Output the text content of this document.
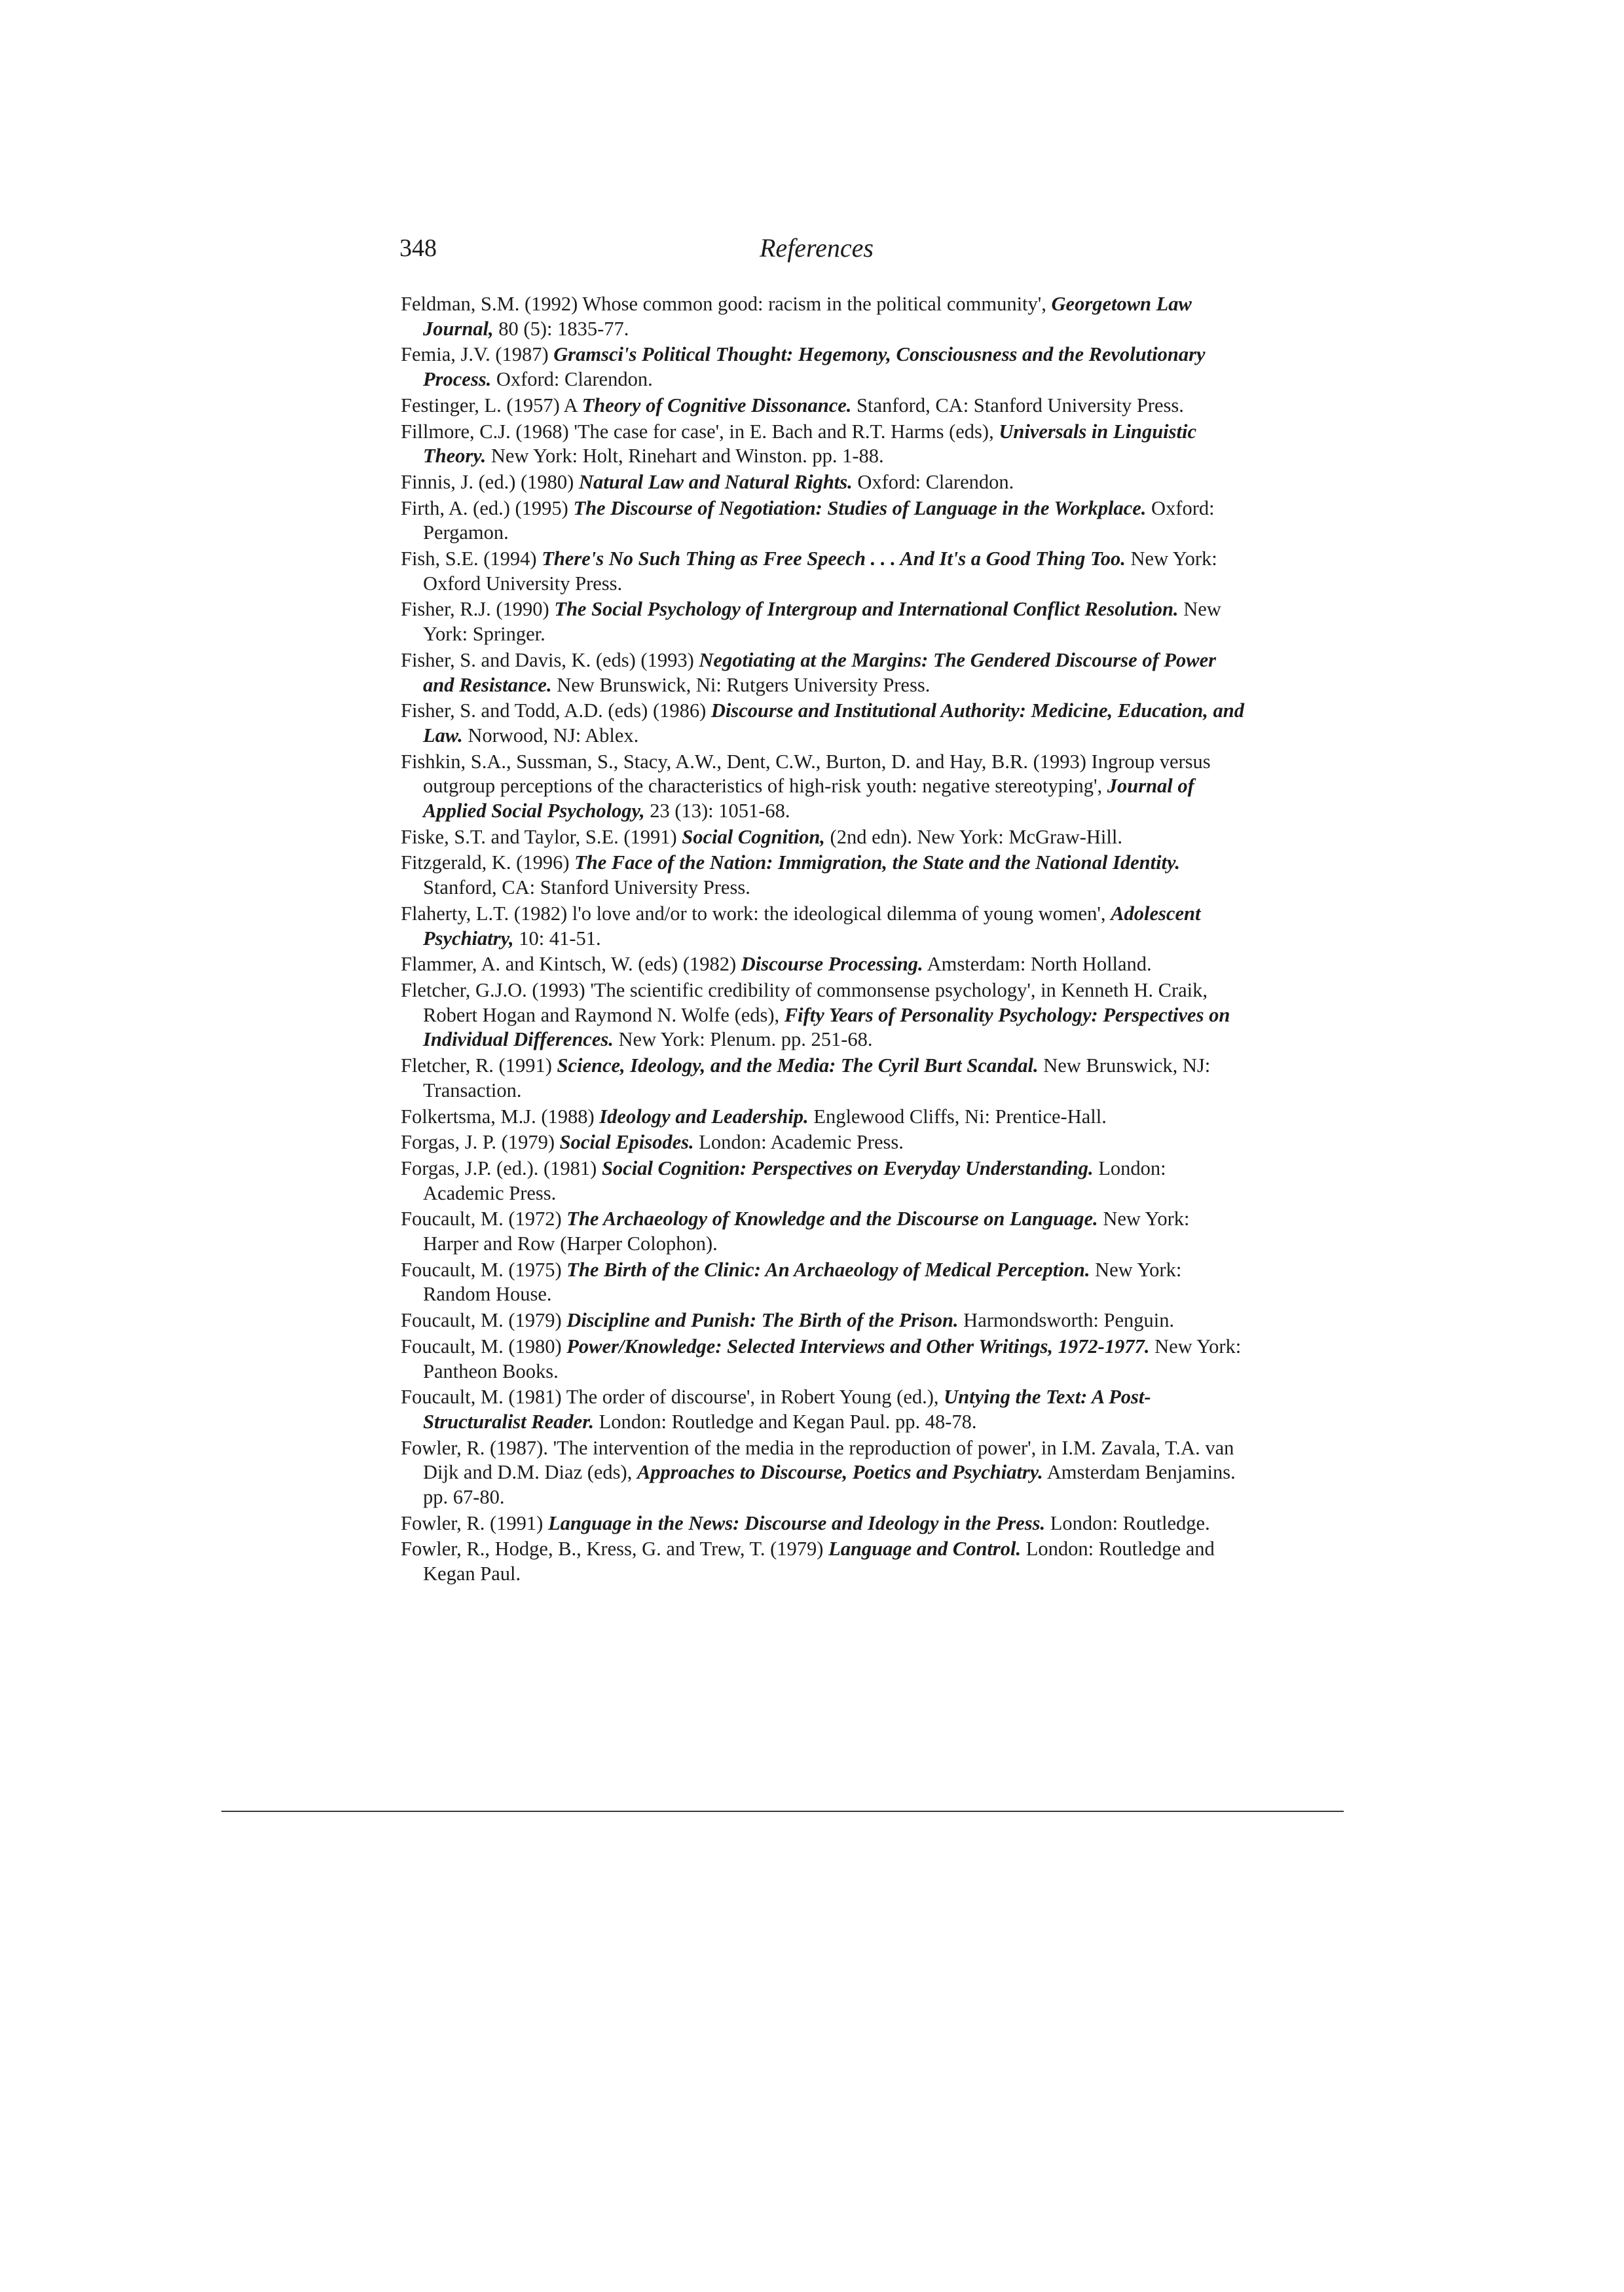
348	References
Feldman, S.M. (1992) Whose common good: racism in the political community', Georgetown Law Journal, 80 (5): 1835-77.
Femia, J.V. (1987) Gramsci's Political Thought: Hegemony, Consciousness and the Revolutionary Process. Oxford: Clarendon.
Festinger, L. (1957) A Theory of Cognitive Dissonance. Stanford, CA: Stanford University Press.
Fillmore, C.J. (1968) 'The case for case', in E. Bach and R.T. Harms (eds), Universals in Linguistic Theory. New York: Holt, Rinehart and Winston. pp. 1-88.
Finnis, J. (ed.) (1980) Natural Law and Natural Rights. Oxford: Clarendon.
Firth, A. (ed.) (1995) The Discourse of Negotiation: Studies of Language in the Workplace. Oxford: Pergamon.
Fish, S.E. (1994) There's No Such Thing as Free Speech . . . And It's a Good Thing Too. New York: Oxford University Press.
Fisher, R.J. (1990) The Social Psychology of Intergroup and International Conflict Resolution. New York: Springer.
Fisher, S. and Davis, K. (eds) (1993) Negotiating at the Margins: The Gendered Discourse of Power and Resistance. New Brunswick, Ni: Rutgers University Press.
Fisher, S. and Todd, A.D. (eds) (1986) Discourse and Institutional Authority: Medicine, Education, and Law. Norwood, NJ: Ablex.
Fishkin, S.A., Sussman, S., Stacy, A.W., Dent, C.W., Burton, D. and Hay, B.R. (1993) Ingroup versus outgroup perceptions of the characteristics of high-risk youth: negative stereotyping', Journal of Applied Social Psychology, 23 (13): 1051-68.
Fiske, S.T. and Taylor, S.E. (1991) Social Cognition, (2nd edn). New York: McGraw-Hill.
Fitzgerald, K. (1996) The Face of the Nation: Immigration, the State and the National Identity. Stanford, CA: Stanford University Press.
Flaherty, L.T. (1982) l'o love and/or to work: the ideological dilemma of young women', Adolescent Psychiatry, 10: 41-51.
Flammer, A. and Kintsch, W. (eds) (1982) Discourse Processing. Amsterdam: North Holland.
Fletcher, G.J.O. (1993) 'The scientific credibility of commonsense psychology', in Kenneth H. Craik, Robert Hogan and Raymond N. Wolfe (eds), Fifty Years of Personality Psychology: Perspectives on Individual Differences. New York: Plenum. pp. 251-68.
Fletcher, R. (1991) Science, Ideology, and the Media: The Cyril Burt Scandal. New Brunswick, NJ: Transaction.
Folkertsma, M.J. (1988) Ideology and Leadership. Englewood Cliffs, Ni: Prentice-Hall.
Forgas, J. P. (1979) Social Episodes. London: Academic Press.
Forgas, J.P. (ed.). (1981) Social Cognition: Perspectives on Everyday Understanding. London: Academic Press.
Foucault, M. (1972) The Archaeology of Knowledge and the Discourse on Language. New York: Harper and Row (Harper Colophon).
Foucault, M. (1975) The Birth of the Clinic: An Archaeology of Medical Perception. New York: Random House.
Foucault, M. (1979) Discipline and Punish: The Birth of the Prison. Harmondsworth: Penguin.
Foucault, M. (1980) Power/Knowledge: Selected Interviews and Other Writings, 1972-1977. New York: Pantheon Books.
Foucault, M. (1981) The order of discourse', in Robert Young (ed.), Untying the Text: A Post-Structuralist Reader. London: Routledge and Kegan Paul. pp. 48-78.
Fowler, R. (1987). 'The intervention of the media in the reproduction of power', in I.M. Zavala, T.A. van Dijk and D.M. Diaz (eds), Approaches to Discourse, Poetics and Psychiatry. Amsterdam Benjamins. pp. 67-80.
Fowler, R. (1991) Language in the News: Discourse and Ideology in the Press. London: Routledge.
Fowler, R., Hodge, B., Kress, G. and Trew, T. (1979) Language and Control. London: Routledge and Kegan Paul.
